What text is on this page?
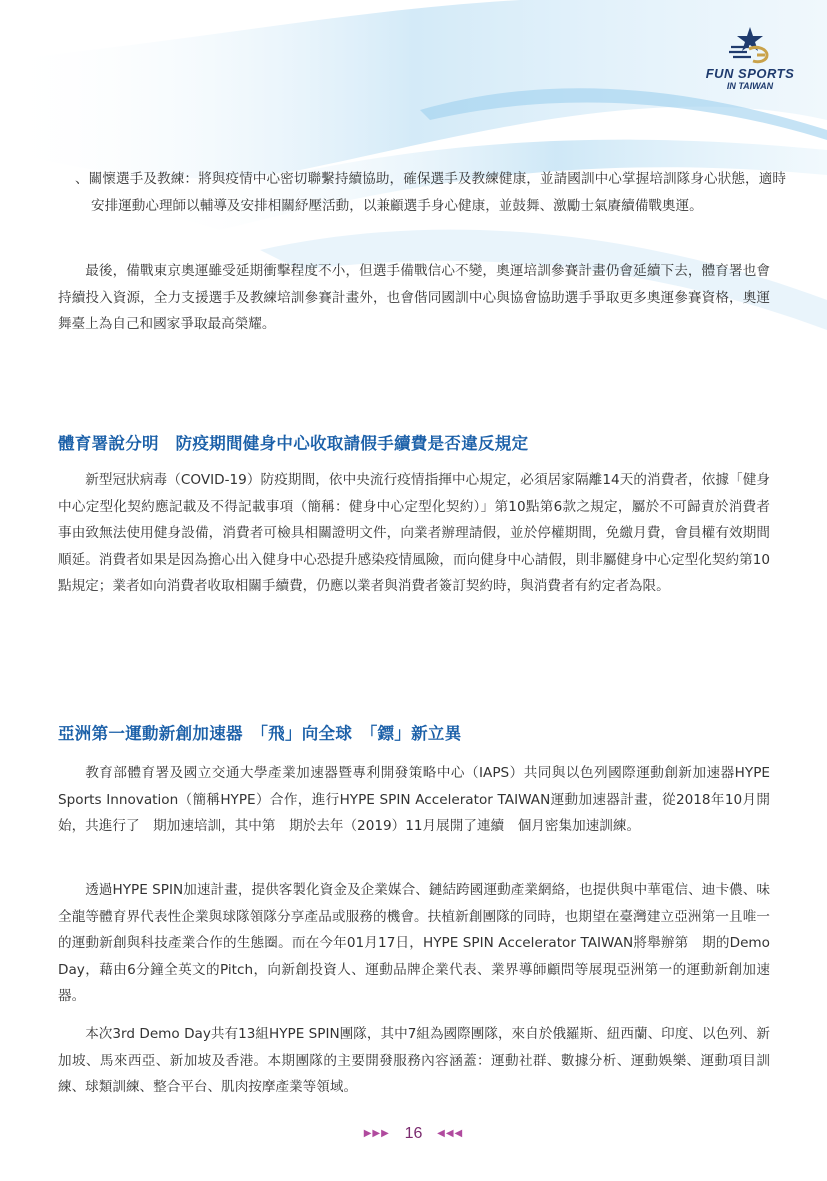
FUN SPORTS
IN TAIWAN

、關懷選手及教練：將與疫情中心密切聯繫持續協助，確保選手及教練健康，並請國訓中心掌握培訓隊身心狀態，適時安排運動心理師以輔導及安排相關紓壓活動，以兼顧選手身心健康，並鼓舞、激勵士氣賡續備戰奧運。

最後，備戰東京奧運雖受延期衝擊程度不小，但選手備戰信心不變，奧運培訓參賽計畫仍會延續下去，體育署也會持續投入資源，全力支援選手及教練培訓參賽計畫外，也會偕同國訓中心與協會協助選手爭取更多奧運參賽資格，奧運舞臺上為自己和國家爭取最高榮耀。

體育署說分明　防疫期間健身中心收取請假手續費是否違反規定

新型冠狀病毒（COVID-19）防疫期間，依中央流行疫情指揮中心規定，必須居家隔離14天的消費者，依據「健身中心定型化契約應記載及不得記載事項（簡稱：健身中心定型化契約）」第10點第6款之規定，屬於不可歸責於消費者事由致無法使用健身設備，消費者可檢具相關證明文件，向業者辦理請假，並於停權期間，免繳月費，會員權有效期間順延。消費者如果是因為擔心出入健身中心恐提升感染疫情風險，而向健身中心請假，則非屬健身中心定型化契約第10點規定；業者如向消費者收取相關手續費，仍應以業者與消費者簽訂契約時，與消費者有約定者為限。

亞洲第一運動新創加速器　「飛」向全球　「鏢」新立異

教育部體育署及國立交通大學產業加速器暨專利開發策略中心（IAPS）共同與以色列國際運動創新加速器HYPE Sports Innovation（簡稱HYPE）合作，進行HYPE SPIN Accelerator TAIWAN運動加速器計畫，從2018年10月開始，共進行了　期加速培訓，其中第　期於去年（2019）11月展開了連續　個月密集加速訓練。

透過HYPE SPIN加速計畫，提供客製化資金及企業媒合、鏈結跨國運動產業網絡，也提供與中華電信、迪卡儂、味全龍等體育界代表性企業與球隊領隊分享產品或服務的機會。扶植新創團隊的同時，也期望在臺灣建立亞洲第一且唯一的運動新創與科技產業合作的生態圈。而在今年01月17日，HYPE SPIN Accelerator TAIWAN將舉辦第　期的Demo Day，藉由6分鐘全英文的Pitch，向新創投資人、運動品牌企業代表、業界導師顧問等展現亞洲第一的運動新創加速器。

本次3rd Demo Day共有13組HYPE SPIN團隊，其中7組為國際團隊，來自於俄羅斯、紐西蘭、印度、以色列、新加坡、馬來西亞、新加坡及香港。本期團隊的主要開發服務內容涵蓋：運動社群、數據分析、運動娛樂、運動項目訓練、球類訓練、整合平台、肌肉按摩產業等領域。

▶▶▶ 16 ◀◀◀
